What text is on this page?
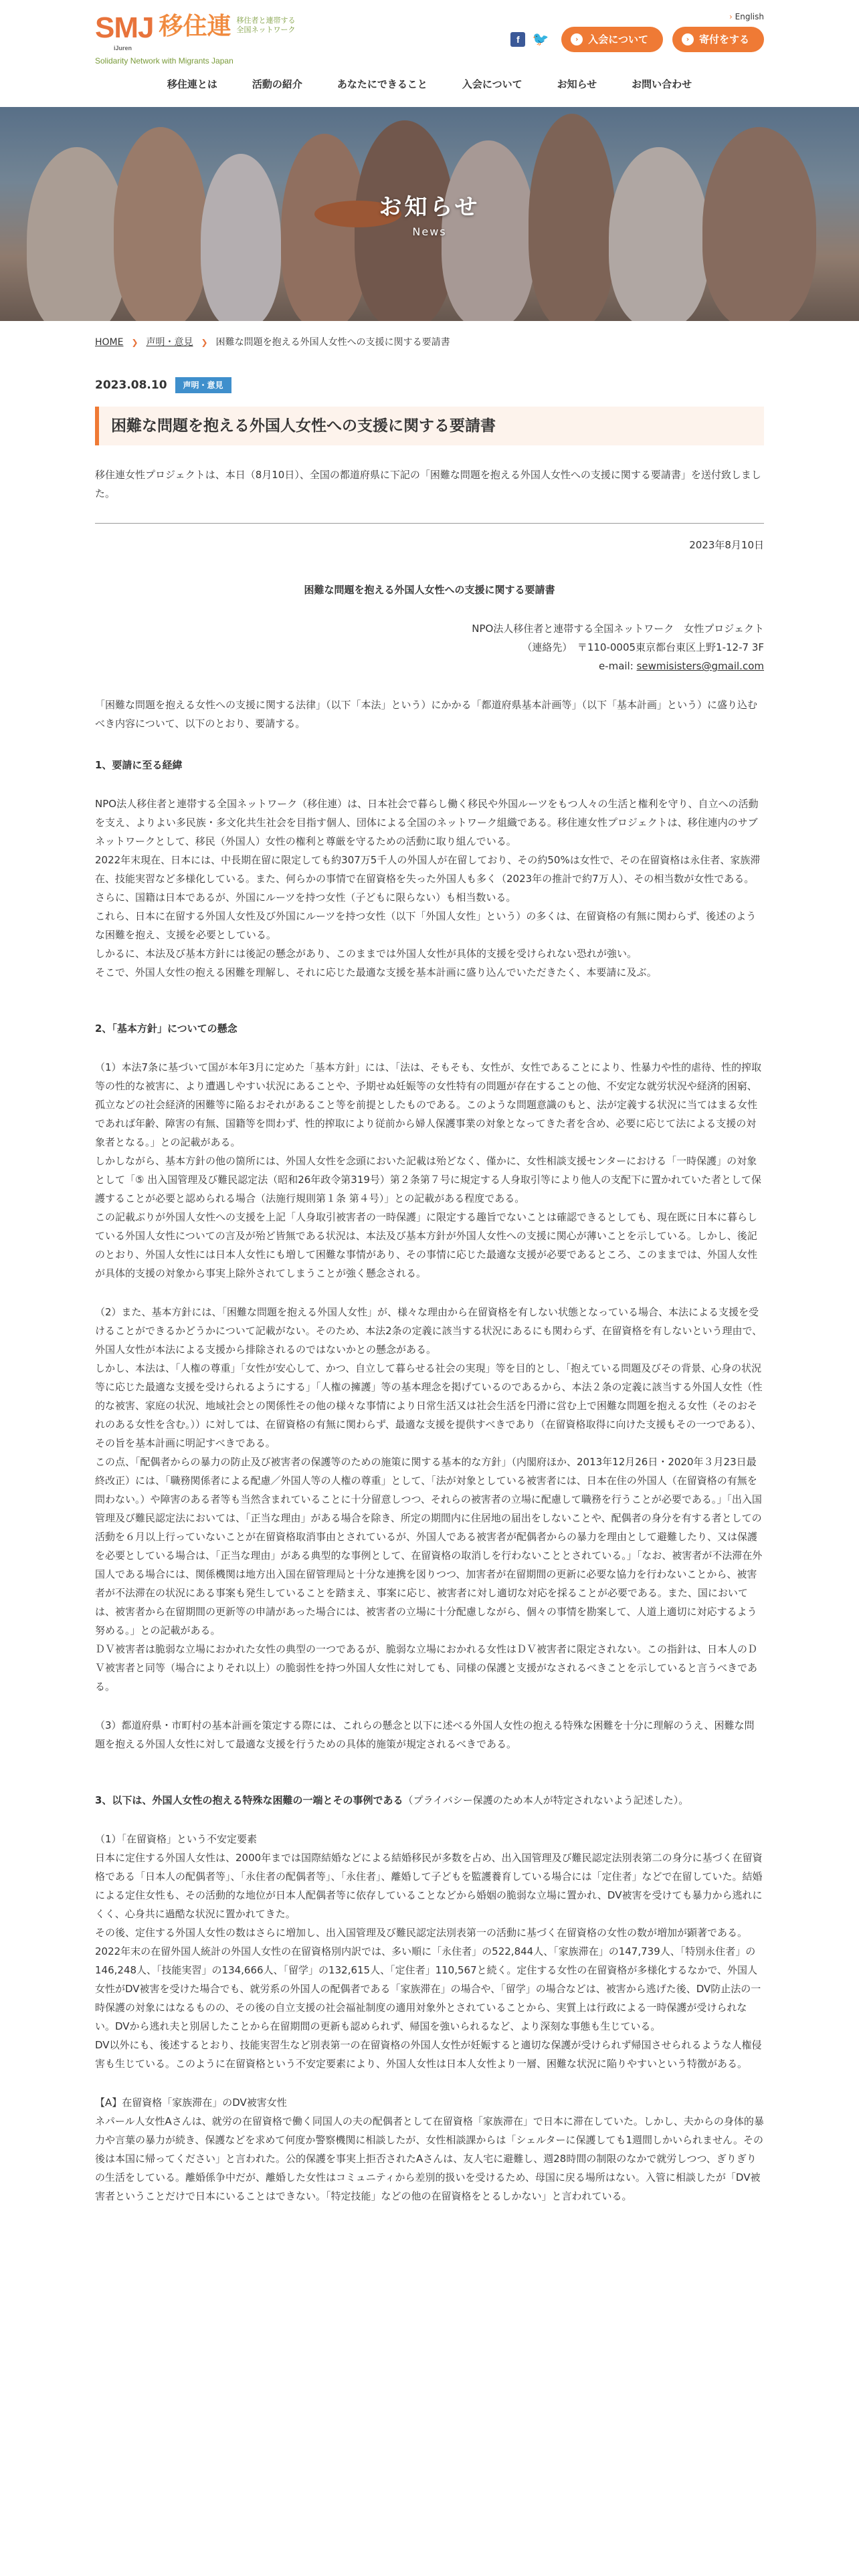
SMJ
iJuren
移住連 移住者と連帯する
全国ネットワーク
Solidarity Network with Migrants Japan
› English
f 🐦	› 入会について	› 寄付をする
移住連とは	活動の紹介	あなたにできること	入会について	お知らせ	お問い合わせ
お知らせ
News
HOME ❯ 声明・意見 ❯ 困難な問題を抱える外国人女性への支援に関する要請書
2023.08.10	声明・意見
困難な問題を抱える外国人女性への支援に関する要請書

移住連女性プロジェクトは、本日（8月10日）、全国の都道府県に下記の「困難な問題を抱える外国人女性への支援に関する要請書」を送付致しました。

2023年8月10日

困難な問題を抱える外国人女性への支援に関する要請書

NPO法人移住者と連帯する全国ネットワーク　女性プロジェクト
（連絡先）　〒110-0005東京都台東区上野1-12-7 3F
e-mail: sewmisisters@gmail.com

「困難な問題を抱える女性への支援に関する法律」（以下「本法」という）にかかる「都道府県基本計画等」（以下「基本計画」という）に盛り込むべき内容について、以下のとおり、要請する。

1、要請に至る経緯

NPO法人移住者と連帯する全国ネットワーク（移住連）は、日本社会で暮らし働く移民や外国ルーツをもつ人々の生活と権利を守り、自立への活動を支え、よりよい多民族・多文化共生社会を目指す個人、団体による全国のネットワーク組織である。移住連女性プロジェクトは、移住連内のサブネットワークとして、移民（外国人）女性の権利と尊厳を守るための活動に取り組んでいる。

2022年末現在、日本には、中長期在留に限定しても約307万5千人の外国人が在留しており、その約50%は女性で、その在留資格は永住者、家族滞在、技能実習など多様化している。また、何らかの事情で在留資格を失った外国人も多く（2023年の推計で約7万人）、その相当数が女性である。さらに、国籍は日本であるが、外国にルーツを持つ女性（子どもに限らない）も相当数いる。

これら、日本に在留する外国人女性及び外国にルーツを持つ女性（以下「外国人女性」という）の多くは、在留資格の有無に関わらず、後述のような困難を抱え、支援を必要としている。

しかるに、本法及び基本方針には後記の懸念があり、このままでは外国人女性が具体的支援を受けられない恐れが強い。

そこで、外国人女性の抱える困難を理解し、それに応じた最適な支援を基本計画に盛り込んでいただきたく、本要請に及ぶ。

2、「基本方針」についての懸念

（1）本法7条に基づいて国が本年3月に定めた「基本方針」には、「法は、そもそも、女性が、女性であることにより、性暴力や性的虐待、性的搾取等の性的な被害に、より遭遇しやすい状況にあることや、予期せぬ妊娠等の女性特有の問題が存在することの他、不安定な就労状況や経済的困窮、孤立などの社会経済的困難等に陥るおそれがあること等を前提としたものである。このような問題意識のもと、法が定義する状況に当てはまる女性であれば年齢、障害の有無、国籍等を問わず、性的搾取により従前から婦人保護事業の対象となってきた者を含め、必要に応じて法による支援の対象者となる。」との記載がある。

しかしながら、基本方針の他の箇所には、外国人女性を念頭においた記載は殆どなく、僅かに、女性相談支援センターにおける「一時保護」の対象として「⑤ 出入国管理及び難民認定法（昭和26年政令第319号）第２条第７号に規定する人身取引等により他人の支配下に置かれていた者として保護することが必要と認められる場合（法施行規則第１条 第４号）」との記載がある程度である。

この記載ぶりが外国人女性への支援を上記「人身取引被害者の一時保護」に限定する趣旨でないことは確認できるとしても、現在既に日本に暮らしている外国人女性についての言及が殆ど皆無である状況は、本法及び基本方針が外国人女性への支援に関心が薄いことを示している。しかし、後記のとおり、外国人女性には日本人女性にも増して困難な事情があり、その事情に応じた最適な支援が必要であるところ、このままでは、外国人女性が具体的支援の対象から事実上除外されてしまうことが強く懸念される。

（2）また、基本方針には、「困難な問題を抱える外国人女性」が、様々な理由から在留資格を有しない状態となっている場合、本法による支援を受けることができるかどうかについて記載がない。そのため、本法2条の定義に該当する状況にあるにも関わらず、在留資格を有しないという理由で、外国人女性が本法による支援から排除されるのではないかとの懸念がある。

しかし、本法は、「人権の尊重」「女性が安心して、かつ、自立して暮らせる社会の実現」等を目的とし、「抱えている問題及びその背景、心身の状況等に応じた最適な支援を受けられるようにする」「人権の擁護」等の基本理念を掲げているのであるから、本法２条の定義に該当する外国人女性（性的な被害、家庭の状況、地域社会との関係性その他の様々な事情により日常生活又は社会生活を円滑に営む上で困難な問題を抱える女性（そのおそれのある女性を含む。））に対しては、在留資格の有無に関わらず、最適な支援を提供すべきであり（在留資格取得に向けた支援もその一つである）、その旨を基本計画に明記すべきである。

この点、「配偶者からの暴力の防止及び被害者の保護等のための施策に関する基本的な方針」（内閣府ほか、2013年12月26日・2020年３月23日最終改正）には、「職務関係者による配慮／外国人等の人権の尊重」として、「法が対象としている被害者には、日本在住の外国人（在留資格の有無を問わない。）や障害のある者等も当然含まれていることに十分留意しつつ、それらの被害者の立場に配慮して職務を行うことが必要である。」「出入国管理及び難民認定法においては、「正当な理由」がある場合を除き、所定の期間内に住居地の届出をしないことや、配偶者の身分を有する者としての活動を６月以上行っていないことが在留資格取消事由とされているが、外国人である被害者が配偶者からの暴力を理由として避難したり、又は保護を必要としている場合は、「正当な理由」がある典型的な事例として、在留資格の取消しを行わないこととされている。」「なお、被害者が不法滞在外国人である場合には、関係機関は地方出入国在留管理局と十分な連携を図りつつ、加害者が在留期間の更新に必要な協力を行わないことから、被害者が不法滞在の状況にある事案も発生していることを踏まえ、事案に応じ、被害者に対し適切な対応を採ることが必要である。また、国においては、被害者から在留期間の更新等の申請があった場合には、被害者の立場に十分配慮しながら、個々の事情を勘案して、人道上適切に対応するよう努める。」との記載がある。

ＤＶ被害者は脆弱な立場におかれた女性の典型の一つであるが、脆弱な立場におかれる女性はＤＶ被害者に限定されない。この指針は、日本人のＤＶ被害者と同等（場合によりそれ以上）の脆弱性を持つ外国人女性に対しても、同様の保護と支援がなされるべきことを示していると言うべきである。

（3）都道府県・市町村の基本計画を策定する際には、これらの懸念と以下に述べる外国人女性の抱える特殊な困難を十分に理解のうえ、困難な問題を抱える外国人女性に対して最適な支援を行うための具体的施策が規定されるべきである。

3、以下は、外国人女性の抱える特殊な困難の一端とその事例である（プライバシー保護のため本人が特定されないよう記述した）。

（1）「在留資格」という不安定要素

日本に定住する外国人女性は、2000年までは国際結婚などによる結婚移民が多数を占め、出入国管理及び難民認定法別表第二の身分に基づく在留資格である「日本人の配偶者等」、「永住者の配偶者等」、「永住者」、離婚して子どもを監護養育している場合には「定住者」などで在留していた。結婚による定住女性も、その活動的な地位が日本人配偶者等に依存していることなどから婚姻の脆弱な立場に置かれ、DV被害を受けても暴力から逃れにくく、心身共に過酷な状況に置かれてきた。

その後、定住する外国人女性の数はさらに増加し、出入国管理及び難民認定法別表第一の活動に基づく在留資格の女性の数が増加が顕著である。2022年末の在留外国人統計の外国人女性の在留資格別内訳では、多い順に「永住者」の522,844人、「家族滞在」の147,739人、「特別永住者」の146,248人、「技能実習」の134,666人、「留学」の132,615人、「定住者」110,567と続く。定住する女性の在留資格が多様化するなかで、外国人女性がDV被害を受けた場合でも、就労系の外国人の配偶者である「家族滞在」の場合や、「留学」の場合などは、被害から逃げた後、DV防止法の一時保護の対象にはなるものの、その後の自立支援の社会福祉制度の適用対象外とされていることから、実質上は行政による一時保護が受けられない。DVから逃れ夫と別居したことから在留期間の更新も認められず、帰国を強いられるなど、より深刻な事態も生じている。

DV以外にも、後述するとおり、技能実習生など別表第一の在留資格の外国人女性が妊娠すると適切な保護が受けられず帰国させられるような人権侵害も生じている。このように在留資格という不安定要素により、外国人女性は日本人女性より一層、困難な状況に陥りやすいという特徴がある。

【A】在留資格「家族滞在」のDV被害女性

ネパール人女性Aさんは、就労の在留資格で働く同国人の夫の配偶者として在留資格「家族滞在」で日本に滞在していた。しかし、夫からの身体的暴力や言葉の暴力が続き、保護などを求めて何度か警察機関に相談したが、女性相談課からは「シェルターに保護しても1週間しかいられません。その後は本国に帰ってください」と言われた。公的保護を事実上拒否されたAさんは、友人宅に避難し、週28時間の制限のなかで就労しつつ、ぎりぎりの生活をしている。離婚係争中だが、離婚した女性はコミュニティから差別的扱いを受けるため、母国に戻る場所はない。入管に相談したが「DV被害者ということだけで日本にいることはできない。「特定技能」などの他の在留資格をとるしかない」と言われている。
